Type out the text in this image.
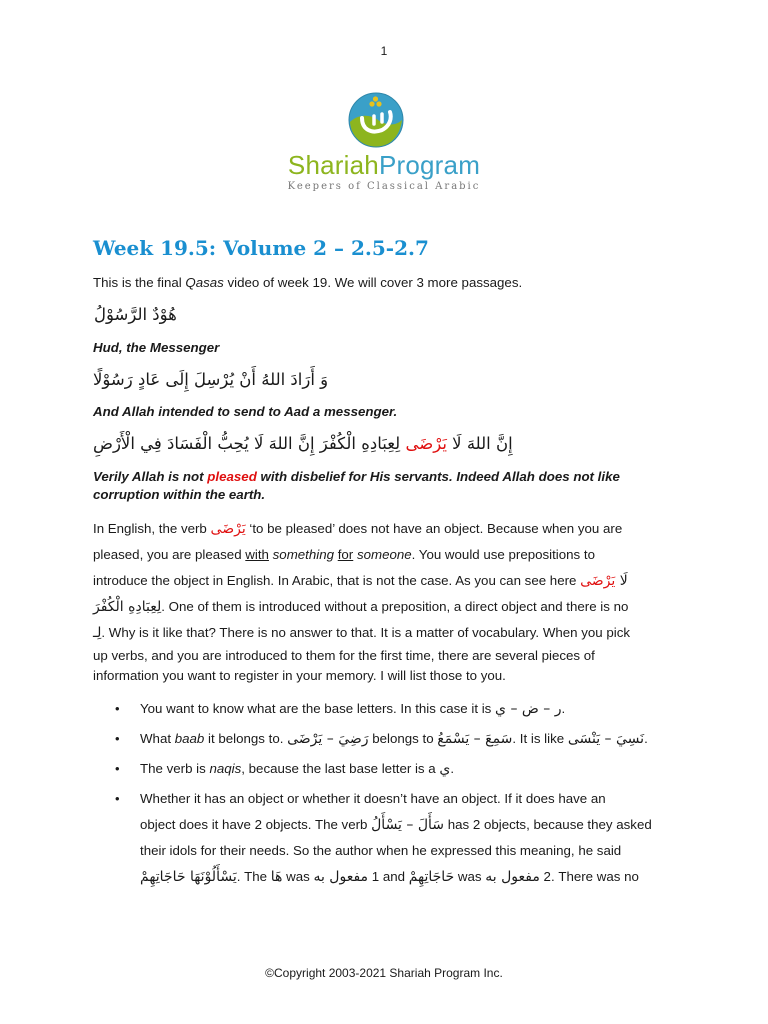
1
ShariahProgram
Keepers of Classical Arabic
Week 19.5: Volume 2 – 2.5-2.7

This is the final Qasas video of week 19. We will cover 3 more passages.

هُوْدٌ الرَّسُوْلُ

Hud, the Messenger

وَ أَرَادَ اللهُ أَنْ يُرْسِلَ إِلَى عَادٍ رَسُوْلًا

And Allah intended to send to Aad a messenger.

إِنَّ اللهَ لَا يَرْضَى لِعِبَادِهِ الْكُفْرَ إِنَّ اللهَ لَا يُحِبُّ الْفَسَادَ فِي الْأَرْضِ

Verily Allah is not pleased with disbelief for His servants. Indeed Allah does not like corruption within the earth.

In English, the verb يَرْضَى ‘to be pleased’ does not have an object. Because when you are
pleased, you are pleased with something for someone. You would use prepositions to
introduce the object in English. In Arabic, that is not the case. As you can see here	لَا يَرْضَى
لِعِبَادِهِ الْكُفْرَ. One of them is introduced without a preposition, a direct object and there is no
لِـ. Why is it like that? There is no answer to that. It is a matter of vocabulary. When you pick
up verbs, and you are introduced to them for the first time, there are several pieces of
information you want to register in your memory. I will list those to you.

• You want to know what are the base letters. In this case it is ر – ض – ي.
• What baab it belongs to. رَضِيَ – يَرْضَى belongs to سَمِعَ – يَسْمَعُ. It is like نَسِيَ – يَنْسَى.
• The verb is naqis, because the last base letter is a ي.
• Whether it has an object or whether it doesn’t have an object. If it does have an
object does it have 2 objects. The verb سَأَلَ – يَسْأَلُ has 2 objects, because they asked
their idols for their needs. So the author when he expressed this meaning, he said
يَسْأَلُوْنَهَا حَاجَاتِهِمْ. The هَا was مفعول به 1 and حَاجَاتِهِمْ was مفعول به 2. There was no
©Copyright 2003-2021 Shariah Program Inc.
